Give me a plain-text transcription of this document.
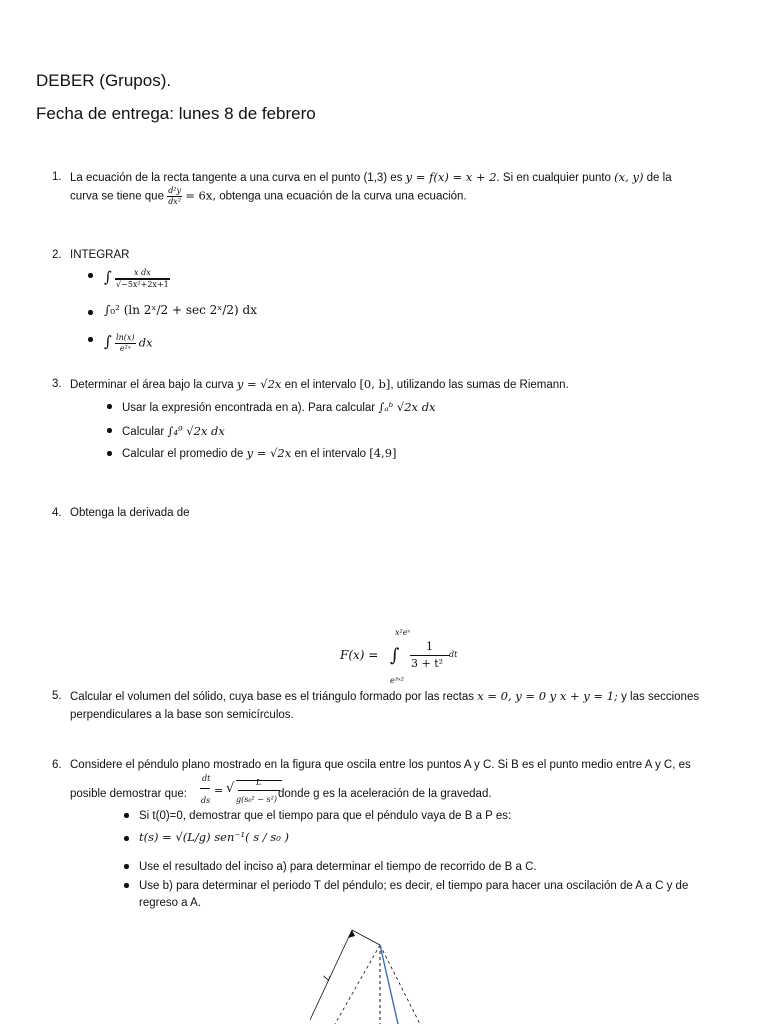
DEBER (Grupos).
Fecha de entrega: lunes 8 de febrero
1. La ecuación de la recta tangente a una curva en el punto (1,3) es y = f(x) = x + 2. Si en cualquier punto (x, y) de la
curva se tiene que $\frac{\text{d²y}}{\text{dx²}} = 6x$, obtenga una ecuación de la curva una ecuación.
2. INTEGRAR
∫ $\frac{\text{x dx}}{\text{√−5x²+2x+1}}$
∫₀² (ln 2ˣ/2 + sec 2ˣ/2) dx
∫ $\frac{\ln(x)}{\text{e²ˣ}}$ dx
3. Determinar el área bajo la curva y = √2x en el intervalo [0, b], utilizando las sumas de Riemann.
Usar la expresión encontrada en a). Para calcular ∫ₐᵇ √2x dx
Calcular ∫₄⁹ √2x dx
Calcular el promedio de y = √2x en el intervalo [4,9]
4. Obtenga la derivada de
F(x) = ∫
x²eˣ
e³ˣ²
1
3 + t²
dt
5. Calcular el volumen del sólido, cuya base es el triángulo formado por las rectas x = 0, y = 0 y x + y = 1; y las secciones
perpendiculares a la base son semicírculos.
6. Considere el péndulo plano mostrado en la figura que oscila entre los puntos A y C. Si B es el punto medio entre A y C, es
posible demostrar que:
dt
ds
= √	L
g(s₀² − s²) donde g es la aceleración de la gravedad.
Si t(0)=0, demostrar que el tiempo para que el péndulo vaya de B a P es:
t(s) = √(L/g) sen⁻¹( s / s₀ )
Use el resultado del inciso a) para determinar el tiempo de recorrido de B a C.
Use b) para determinar el periodo T del péndulo; es decir, el tiempo para hacer una oscilación de A a C y de
regreso a A.
L
